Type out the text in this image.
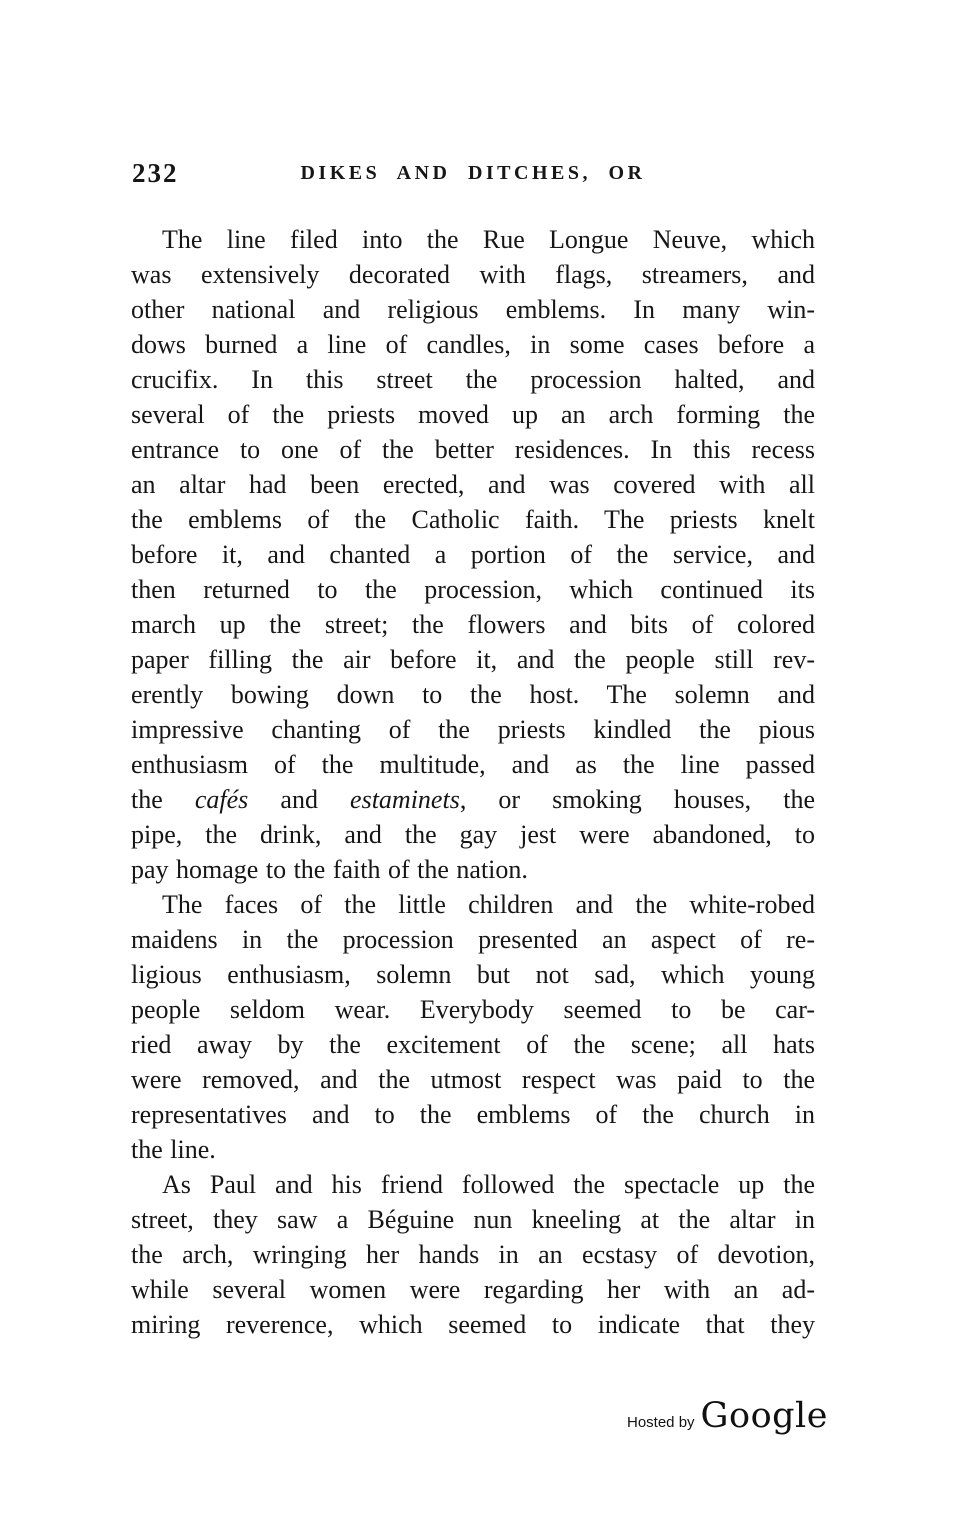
232	DIKES AND DITCHES, OR
The line filed into the Rue Longue Neuve, which
was extensively decorated with flags, streamers, and
other national and religious emblems. In many win-
dows burned a line of candles, in some cases before a
crucifix. In this street the procession halted, and
several of the priests moved up an arch forming the
entrance to one of the better residences. In this recess
an altar had been erected, and was covered with all
the emblems of the Catholic faith. The priests knelt
before it, and chanted a portion of the service, and
then returned to the procession, which continued its
march up the street; the flowers and bits of colored
paper filling the air before it, and the people still rev-
erently bowing down to the host. The solemn and
impressive chanting of the priests kindled the pious
enthusiasm of the multitude, and as the line passed
the cafés and estaminets, or smoking houses, the
pipe, the drink, and the gay jest were abandoned, to
pay homage to the faith of the nation.
The faces of the little children and the white-robed
maidens in the procession presented an aspect of re-
ligious enthusiasm, solemn but not sad, which young
people seldom wear. Everybody seemed to be car-
ried away by the excitement of the scene; all hats
were removed, and the utmost respect was paid to the
representatives and to the emblems of the church in
the line.
As Paul and his friend followed the spectacle up the
street, they saw a Béguine nun kneeling at the altar in
the arch, wringing her hands in an ecstasy of devotion,
while several women were regarding her with an ad-
miring reverence, which seemed to indicate that they
Hosted by Google
